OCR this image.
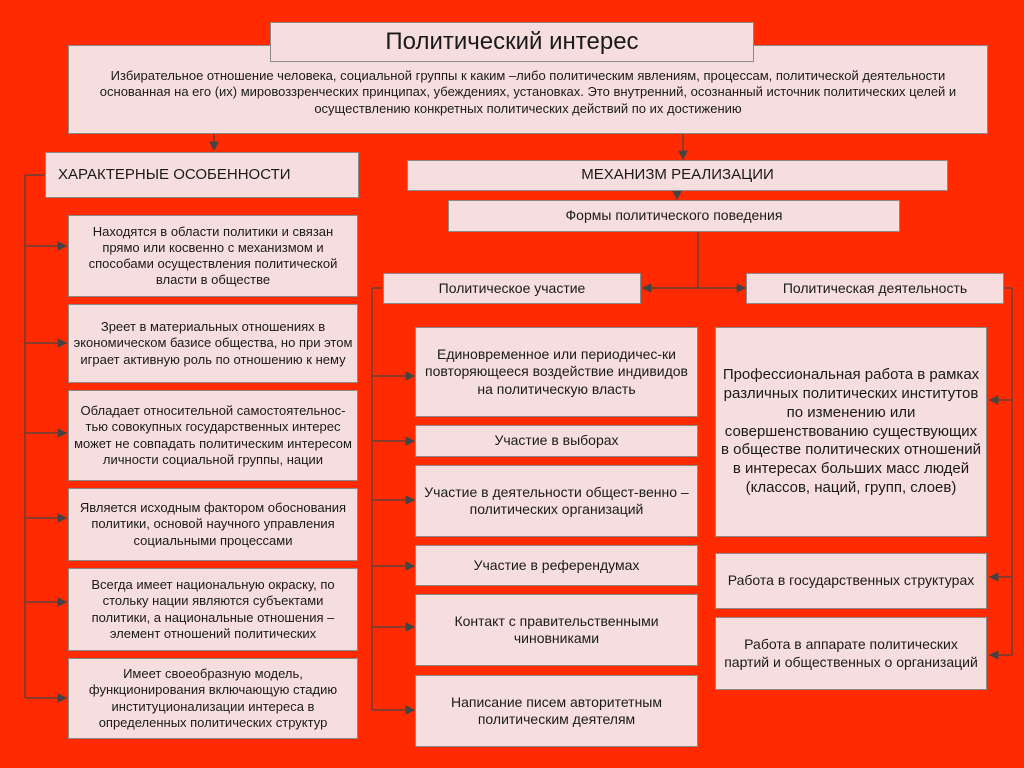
Избирательное отношение человека, социальной группы к каким –либо политическим явлениям, процессам, политической деятельности основанная на его (их) мировоззренческих принципах, убеждениях, установках. Это внутренний, осознанный источник политических целей и осуществлению конкретных политических действий по их достижению
Политический интерес
ХАРАКТЕРНЫЕ ОСОБЕННОСТИ
Находятся в области политики и связан прямо или косвенно с механизмом и способами осуществления политической власти в обществе
Зреет в материальных отношениях в экономическом базисе общества, но при этом играет активную роль по отношению к нему
Обладает относительной самостоятельнос-тью совокупных государственных интерес может не совпадать политическим интересом личности социальной группы, нации
Является исходным фактором обоснования политики, основой научного управления социальными процессами
Всегда имеет национальную окраску, по стольку нации являются субъектами политики, а национальные отношения – элемент отношений политических
Имеет своеобразную модель, функционирования включающую стадию институционализации интереса в определенных политических структур
МЕХАНИЗМ РЕАЛИЗАЦИИ
Формы политического поведения
Политическое участие	Политическая деятельность
Единовременное или периодичес-ки повторяющееся воздействие индивидов на политическую власть
Участие в выборах
Участие в деятельности общест-венно – политических организаций
Участие в референдумах
Контакт с правительственными чиновниками
Написание писем авторитетным политическим деятелям
Профессиональная работа в рамках различных политических институтов по изменению или совершенствованию существующих в обществе политических отношений в интересах больших масс людей (классов, наций, групп, слоев)
Работа в государственных структурах
Работа в аппарате политических партий и общественных о организаций
